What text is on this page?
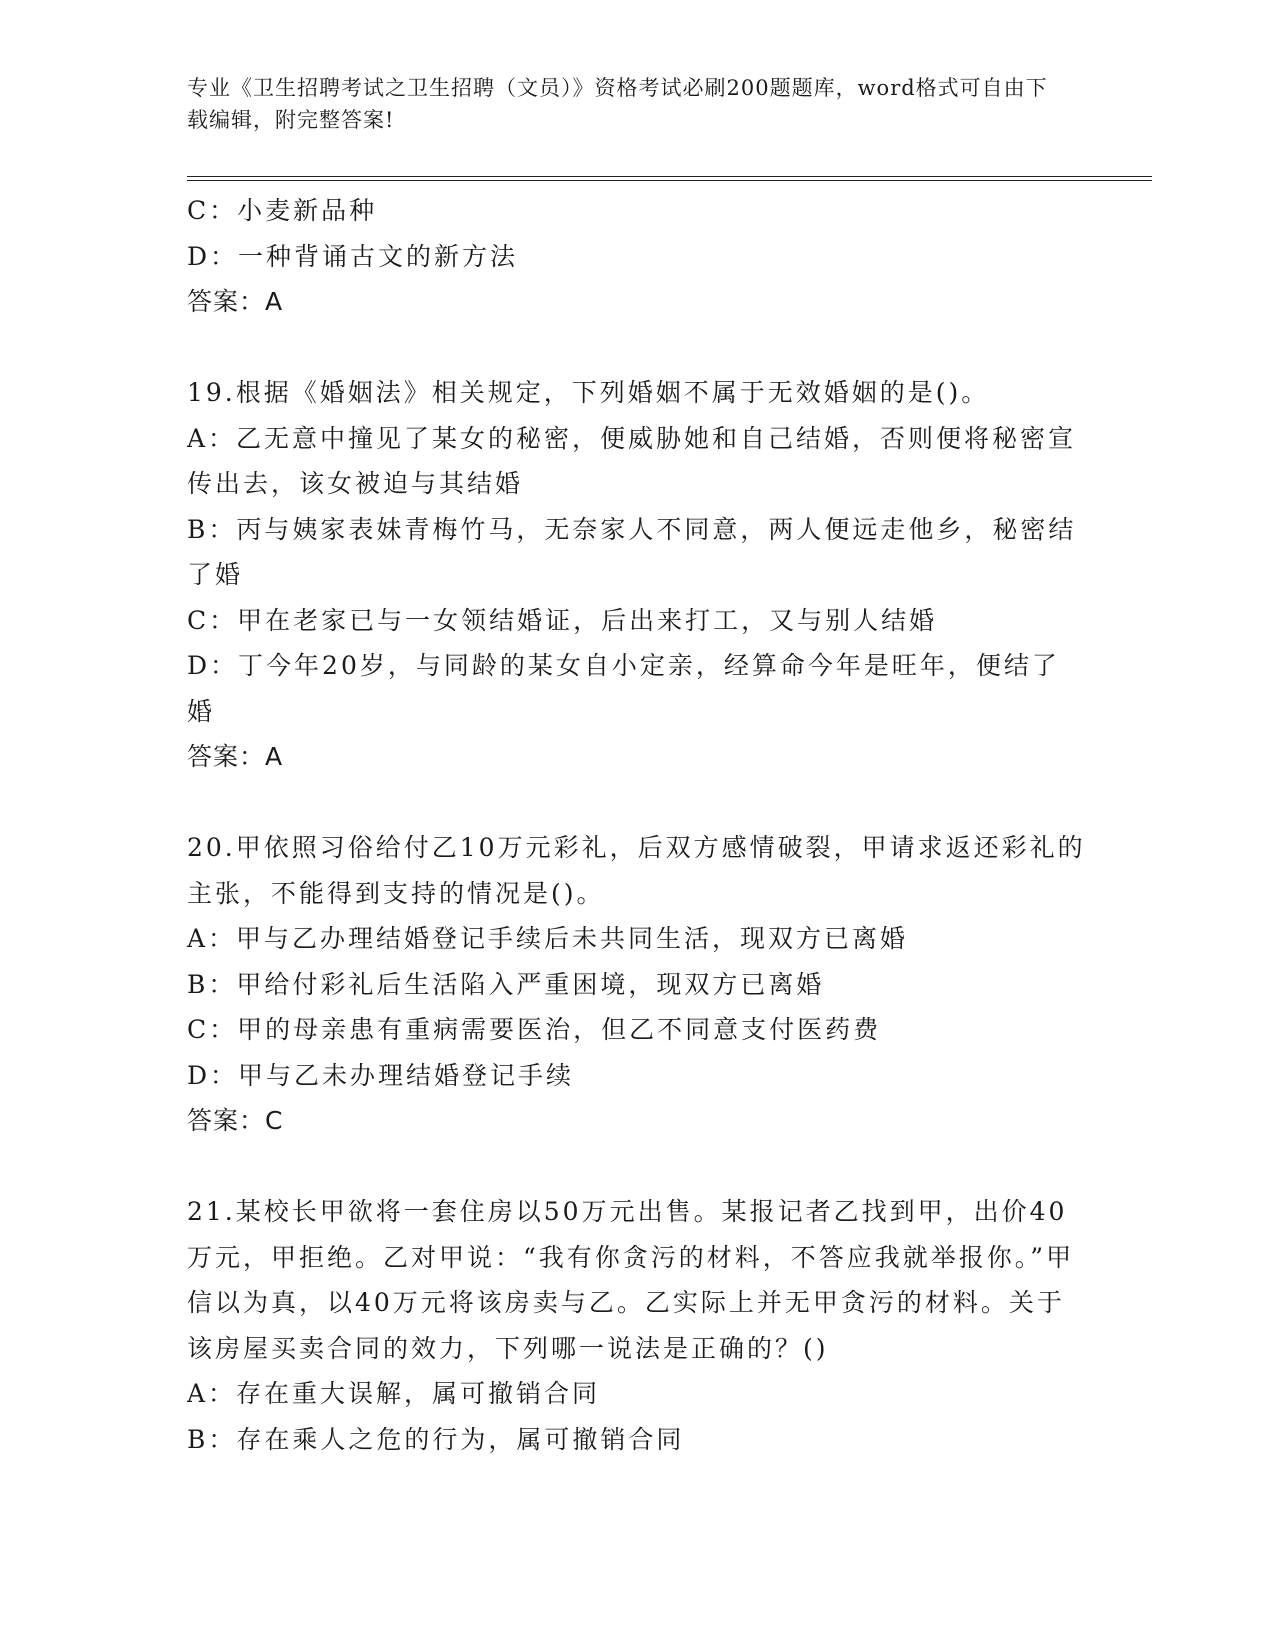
专业《卫生招聘考试之卫生招聘（文员）》资格考试必刷200题题库，word格式可自由下载编辑，附完整答案!
C：小麦新品种
D：一种背诵古文的新方法
答案：A
19.根据《婚姻法》相关规定，下列婚姻不属于无效婚姻的是()。
A：乙无意中撞见了某女的秘密，便威胁她和自己结婚，否则便将秘密宣传出去，该女被迫与其结婚
B：丙与姨家表妹青梅竹马，无奈家人不同意，两人便远走他乡，秘密结了婚
C：甲在老家已与一女领结婚证，后出来打工，又与别人结婚
D：丁今年20岁，与同龄的某女自小定亲，经算命今年是旺年，便结了婚
答案：A
20.甲依照习俗给付乙10万元彩礼，后双方感情破裂，甲请求返还彩礼的主张，不能得到支持的情况是()。
A：甲与乙办理结婚登记手续后未共同生活，现双方已离婚
B：甲给付彩礼后生活陷入严重困境，现双方已离婚
C：甲的母亲患有重病需要医治，但乙不同意支付医药费
D：甲与乙未办理结婚登记手续
答案：C
21.某校长甲欲将一套住房以50万元出售。某报记者乙找到甲，出价40万元，甲拒绝。乙对甲说：“我有你贪污的材料，不答应我就举报你。”甲信以为真，以40万元将该房卖与乙。乙实际上并无甲贪污的材料。关于该房屋买卖合同的效力，下列哪一说法是正确的？()
A：存在重大误解，属可撤销合同
B：存在乘人之危的行为，属可撤销合同
